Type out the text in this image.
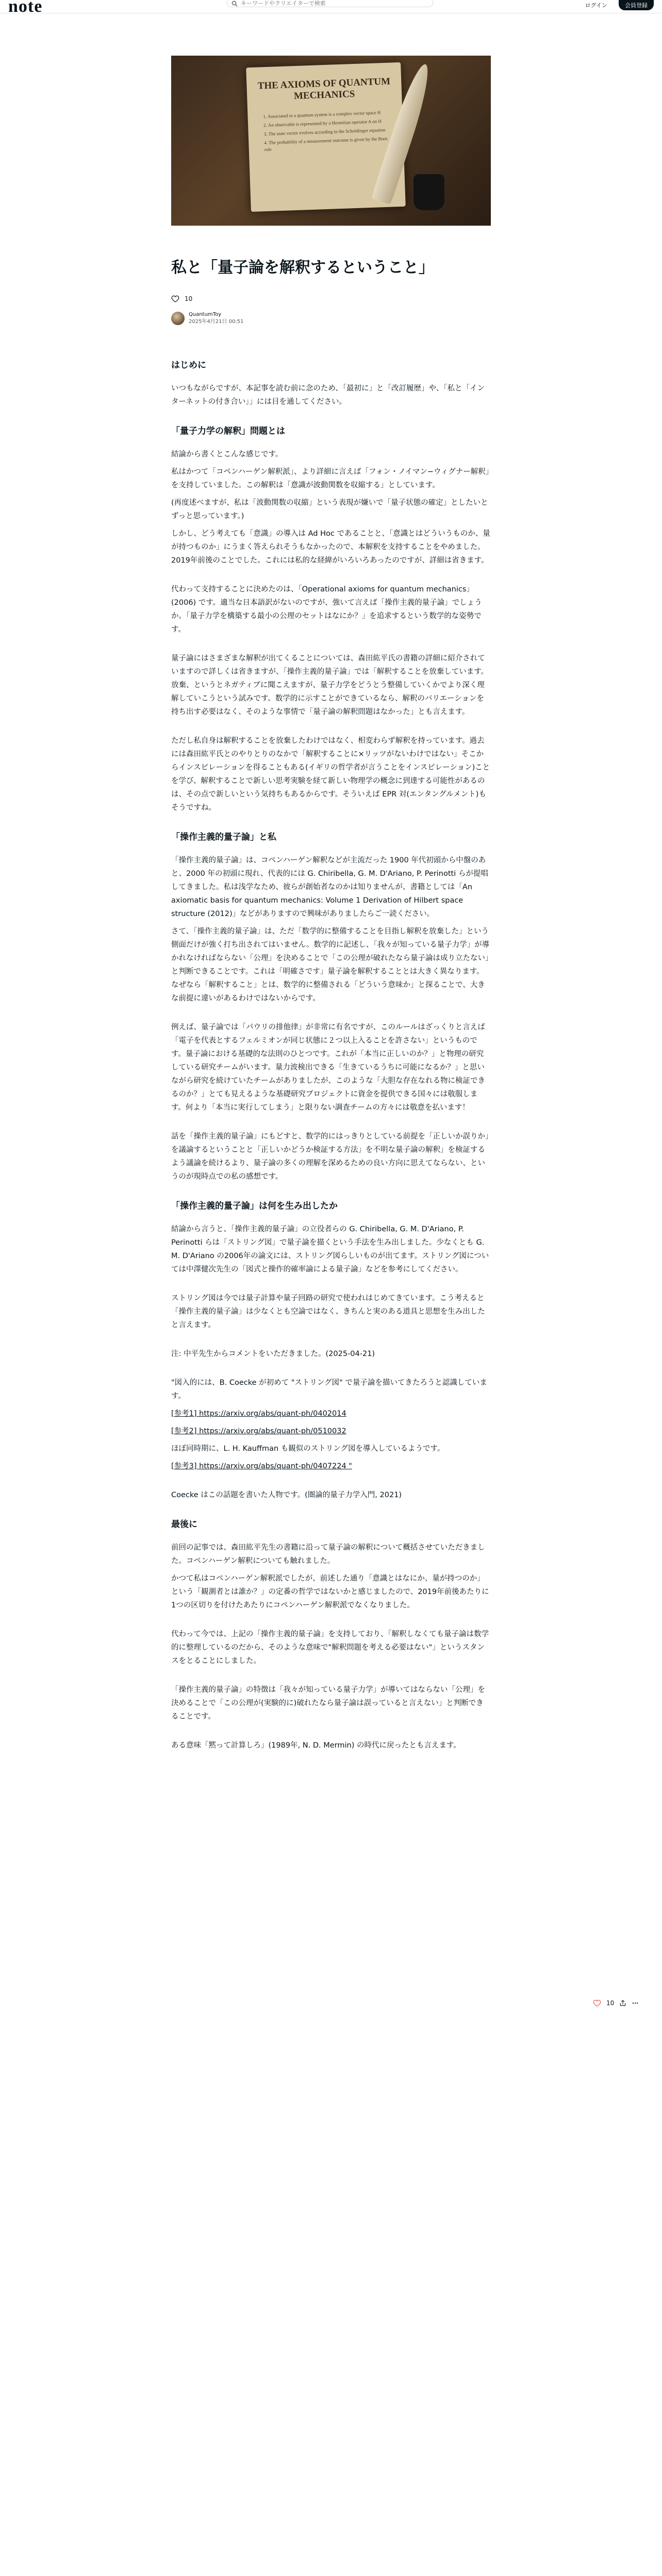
note
キーワードやクリエイターで検索	ログイン	会員登録
THE AXIOMS OF QUANTUM MECHANICS
1. Associated to a quantum system is a complex vector space H
2. An observable is represented by a Hermitian operator A on H
3. The state vector evolves according to the Schrödinger equation
4. The probability of a measurement outcome is given by the Born rule
私と「量子論を解釈するということ」
10
QuantumToy
2025年4月21日 00:51
はじめに

いつもながらですが、本記事を読む前に念のため、「最初に」と「改訂履歴」や、「私と「インターネットの付き合い」」には目を通してください。

「量子力学の解釈」問題とは

結論から書くとこんな感じです。

私はかつて「コペンハーゲン解釈派」、より詳細に言えば「フォン・ノイマン−ウィグナー解釈」を支持していました。この解釈は「意識が波動関数を収縮する」としています。

(再度述べますが、私は「波動関数の収縮」という表現が嫌いで「量子状態の確定」としたいとずっと思っています。)

しかし、どう考えても「意識」の導入は Ad Hoc であることと、「意識とはどういうものか、量が持つものか」にうまく答えられそうもなかったので、本解釈を支持することをやめました。2019年前後のことでした。これには私的な経緯がいろいろあったのですが、詳細は省きます。

代わって支持することに決めたのは、「Operational axioms for quantum mechanics」(2006) です。適当な日本語訳がないのですが、強いて言えば「操作主義的量子論」でしょうか。「量子力学を構築する最小の公理のセットはなにか？」を追求するという数学的な姿勢です。

量子論にはさまざまな解釈が出てくることについては、森田紘平氏の書籍の詳細に紹介されていますので詳しくは省きますが、「操作主義的量子論」では「解釈することを放棄しています。放棄、というとネガティブに聞こえますが、量子力学をどうとう整備していくかでより深く理解していこうという試みです。数学的に示すことができているなら、解釈のバリエーションを持ち出す必要はなく、そのような事情で「量子論の解釈問題はなかった」とも言えます。

ただし私自身は解釈することを放棄したわけではなく、相変わらず解釈を持っています。過去には森田紘平氏とのやりとりのなかで「解釈することに×リッツがないわけではない」そこからインスピレーションを得ることもある(イギリの哲学者が言うことをインスピレーション)ことを学び、解釈することで新しい思考実験を経て新しい物理学の概念に到達する可能性があるのは、その点で新しいという気持ちもあるからです。そういえば EPR 対(エンタングルメント)もそうですね。

「操作主義的量子論」と私

「操作主義的量子論」は、コペンハーゲン解釈などが主流だった 1900 年代初頭から中盤のあと、2000 年の初頭に現れ、代表的には G. Chiribella, G. M. D'Ariano, P. Perinotti らが提唱してきました。私は浅学なため、彼らが創始者なのかは知りませんが、書籍としては「An axiomatic basis for quantum mechanics: Volume 1 Derivation of Hilbert space structure (2012)」などがありますので興味がありましたらご一読ください。

さて、「操作主義的量子論」は、ただ「数学的に整備することを目指し解釈を放棄した」という側面だけが強く打ち出されてはいません。数学的に記述し、「我々が知っている量子力学」が導かれなければならない「公理」を決めることで「この公理が破れたなら量子論は成り立たない」と判断できることです。これは「明確さです」量子論を解釈することとは大きく異なります。なぜなら「解釈すること」とは、数学的に整備される「どういう意味か」と探ることで、大きな前提に違いがあるわけではないからです。

例えば、量子論では「パウリの排他律」が非常に有名ですが、このルールはざっくりと言えば「電子を代表とするフェルミオンが同じ状態に２つ以上入ることを許さない」というものです。量子論における基礎的な法則のひとつです。これが「本当に正しいのか？」と物理の研究している研究チームがいます。量力波検出できる「生きているうちに可能になるか？」と思いながら研究を続けていたチームがありましたが、このような「大胆な存在なれる物に検証できるのか？」とても見えるような基礎研究プロジェクトに資金を提供できる国々には敬服します。何より「本当に実行してしまう」と限りない調査チームの方々には敬意を払います！

話を「操作主義的量子論」にもどすと、数学的にはっきりとしている前提を「正しいか誤りか」を議論するということと「正しいかどうか検証する方法」を不明な量子論の解釈」を検証するよう議論を続けるより、量子論の多くの理解を深めるための良い方向に思えてならない、というのが現時点での私の感想です。

「操作主義的量子論」は何を生み出したか

結論から言うと、「操作主義的量子論」の立役者らの G. Chiribella, G. M. D'Ariano, P. Perinotti らは「ストリング図」で量子論を描くという手法を生み出しました。少なくとも G. M. D'Ariano の2006年の論文には、ストリング図らしいものが出てます。ストリング図については中澤健次先生の「図式と操作的確率論による量子論」などを参考にしてください。

ストリング図は今では量子計算や量子回路の研究で使われはじめてきています。こう考えると「操作主義的量子論」は少なくとも空論ではなく、きちんと実のある道具と思想を生み出したと言えます。

注: 中平先生からコメントをいただきました。(2025-04-21)

"図入的には、B. Coecke が初めて "ストリング図" で量子論を描いてきたろうと認識しています。

[参考1] https://arxiv.org/abs/quant-ph/0402014

[参考2] https://arxiv.org/abs/quant-ph/0510032

ほぼ同時期に、L. H. Kauffman も観似のストリング図を導入しているようです。

[参考3] https://arxiv.org/abs/quant-ph/0407224 "

Coecke はこの話題を書いた人物です。(圏論的量子力学入門, 2021)

最後に

前回の記事では、森田紘平先生の書籍に沿って量子論の解釈について概括させていただきました。コペンハーゲン解釈についても触れました。

かつて私はコペンハーゲン解釈派でしたが、前述した通り「意識とはなにか、量が持つのか」という「観測者とは誰か？」の定番の哲学ではないかと感じましたので、2019年前後あたりに1つの区切りを付けたあたりにコペンハーゲン解釈派でなくなりました。

代わって今では、上記の「操作主義的量子論」を支持しており、「解釈しなくても量子論は数学的に整理しているのだから、そのような意味で"解釈問題を考える必要はない"」というスタンスをとることにしました。

「操作主義的量子論」の特徴は「我々が知っている量子力学」が導いてはならない「公理」を決めることで「この公理が(実験的に)破れたなら量子論は誤っていると言えない」と判断できることです。

ある意味「黙って計算しろ」(1989年, N. D. Mermin) の時代に戻ったとも言えます。

10
